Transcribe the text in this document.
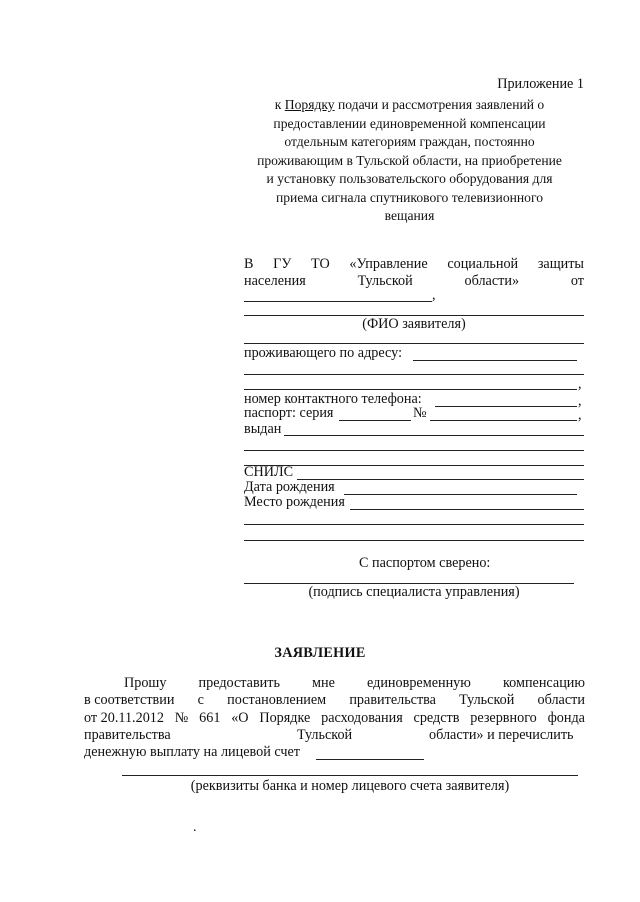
Приложение 1
к Порядку подачи и рассмотрения заявлений о
предоставлении единовременной компенсации
отдельным категориям граждан, постоянно
проживающим в Тульской области, на приобретение
и установку пользовательского оборудования для
приема сигнала спутникового телевизионного
вещания
В ГУ ТО «Управление социальной защиты
населения	Тульской	области»	от
,
(ФИО заявителя)
проживающего по адресу:
,
номер контактного телефона:	,
паспорт: серия	№	,
выдан
СНИЛС
Дата рождения
Место рождения
С паспортом сверено:
(подпись специалиста управления)
ЗАЯВЛЕНИЕ
Прошу предоставить мне единовременную компенсацию
в соответствии с постановлением правительства Тульской области
от 20.11.2012 № 661 «О Порядке расходования средств резервного фонда
правительства	Тульской	области» и перечислить
денежную выплату на лицевой счет
(реквизиты банка и номер лицевого счета заявителя)
.
